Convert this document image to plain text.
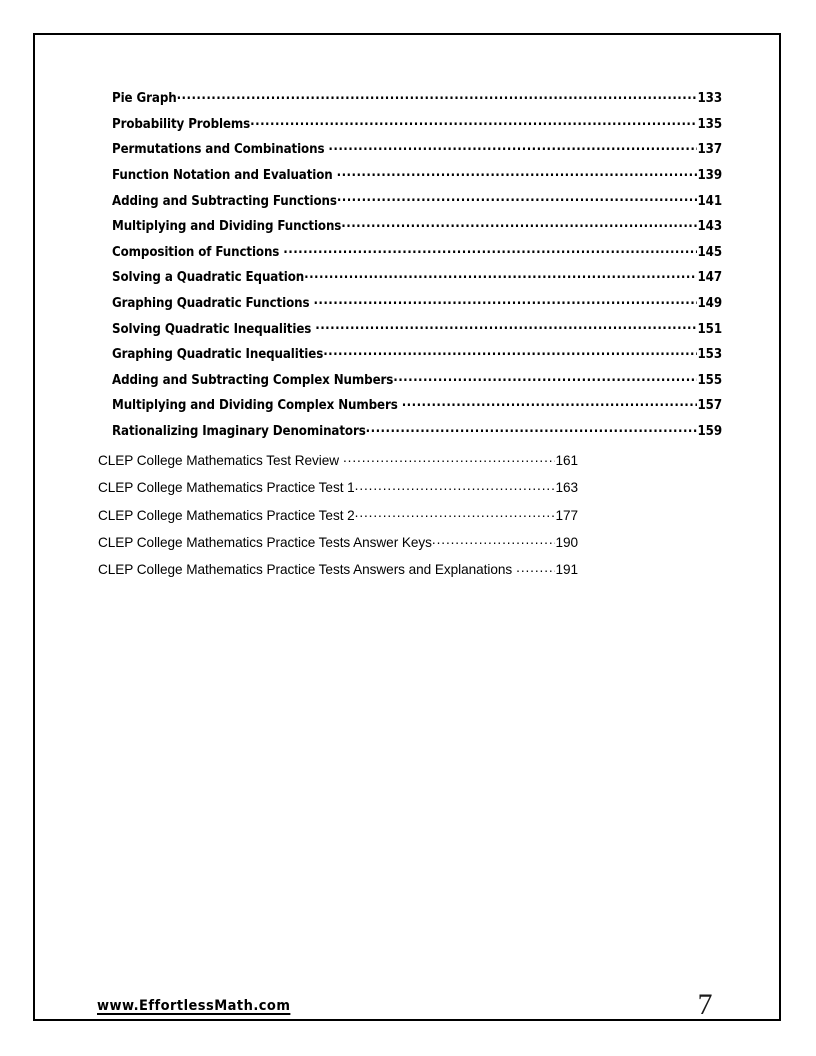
Pie Graph .....	133
Probability Problems .....	135
Permutations and Combinations .....	137
Function Notation and Evaluation .....	139
Adding and Subtracting Functions .....	141
Multiplying and Dividing Functions .....	143
Composition of Functions .....	145
Solving a Quadratic Equation .....	147
Graphing Quadratic Functions .....	149
Solving Quadratic Inequalities .....	151
Graphing Quadratic Inequalities .....	153
Adding and Subtracting Complex Numbers .....	155
Multiplying and Dividing Complex Numbers .....	157
Rationalizing Imaginary Denominators .....	159
CLEP College Mathematics Test Review .....	161
CLEP College Mathematics Practice Test 1 .....	163
CLEP College Mathematics Practice Test 2 .....	177
CLEP College Mathematics Practice Tests Answer Keys .....	190
CLEP College Mathematics Practice Tests Answers and Explanations .....	191
www.EffortlessMath.com	7
